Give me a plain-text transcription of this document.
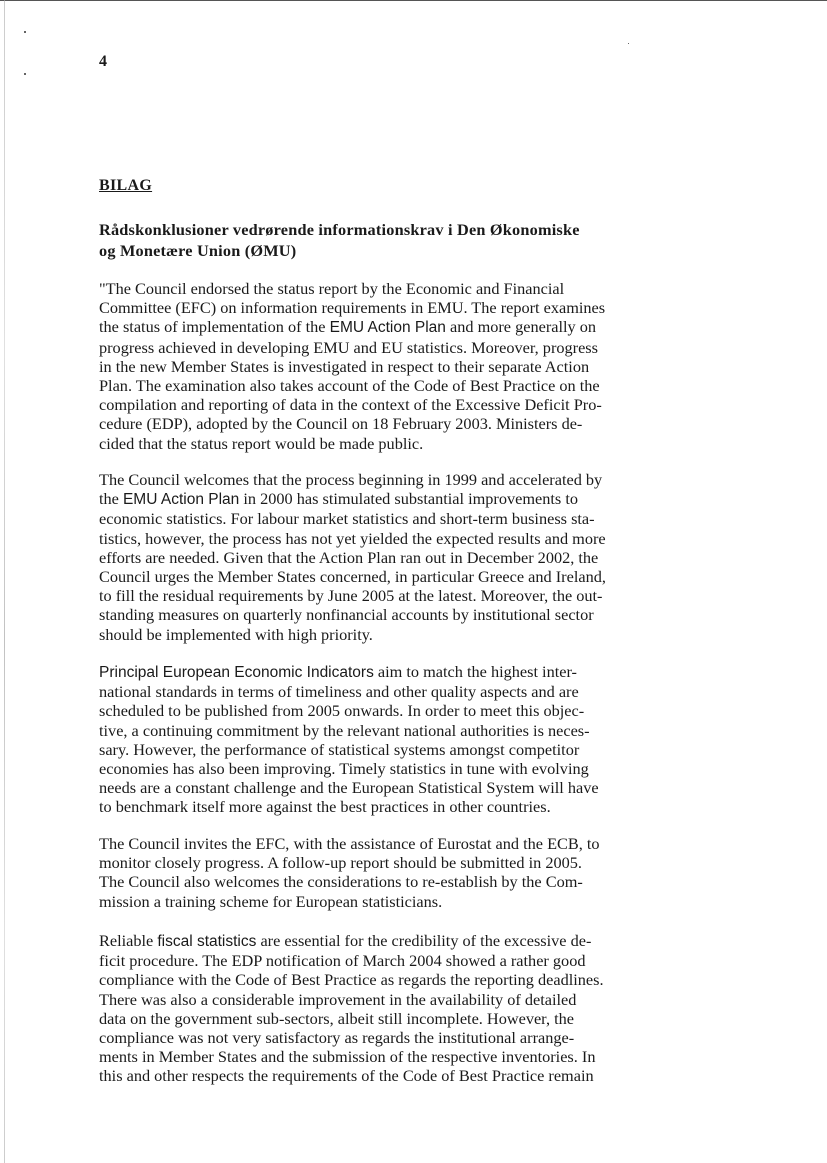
4
BILAG
Rådskonklusioner vedrørende informationskrav i Den Økonomiske
og Monetære Union (ØMU)
"The Council endorsed the status report by the Economic and Financial
Committee (EFC) on information requirements in EMU. The report examines
the status of implementation of the EMU Action Plan and more generally on
progress achieved in developing EMU and EU statistics. Moreover, progress
in the new Member States is investigated in respect to their separate Action
Plan. The examination also takes account of the Code of Best Practice on the
compilation and reporting of data in the context of the Excessive Deficit Pro-
cedure (EDP), adopted by the Council on 18 February 2003. Ministers de-
cided that the status report would be made public.
The Council welcomes that the process beginning in 1999 and accelerated by
the EMU Action Plan in 2000 has stimulated substantial improvements to
economic statistics. For labour market statistics and short-term business sta-
tistics, however, the process has not yet yielded the expected results and more
efforts are needed. Given that the Action Plan ran out in December 2002, the
Council urges the Member States concerned, in particular Greece and Ireland,
to fill the residual requirements by June 2005 at the latest. Moreover, the out-
standing measures on quarterly nonfinancial accounts by institutional sector
should be implemented with high priority.
Principal European Economic Indicators aim to match the highest inter-
national standards in terms of timeliness and other quality aspects and are
scheduled to be published from 2005 onwards. In order to meet this objec-
tive, a continuing commitment by the relevant national authorities is neces-
sary. However, the performance of statistical systems amongst competitor
economies has also been improving. Timely statistics in tune with evolving
needs are a constant challenge and the European Statistical System will have
to benchmark itself more against the best practices in other countries.
The Council invites the EFC, with the assistance of Eurostat and the ECB, to
monitor closely progress. A follow-up report should be submitted in 2005.
The Council also welcomes the considerations to re-establish by the Com-
mission a training scheme for European statisticians.
Reliable fiscal statistics are essential for the credibility of the excessive de-
ficit procedure. The EDP notification of March 2004 showed a rather good
compliance with the Code of Best Practice as regards the reporting deadlines.
There was also a considerable improvement in the availability of detailed
data on the government sub-sectors, albeit still incomplete. However, the
compliance was not very satisfactory as regards the institutional arrange-
ments in Member States and the submission of the respective inventories. In
this and other respects the requirements of the Code of Best Practice remain
